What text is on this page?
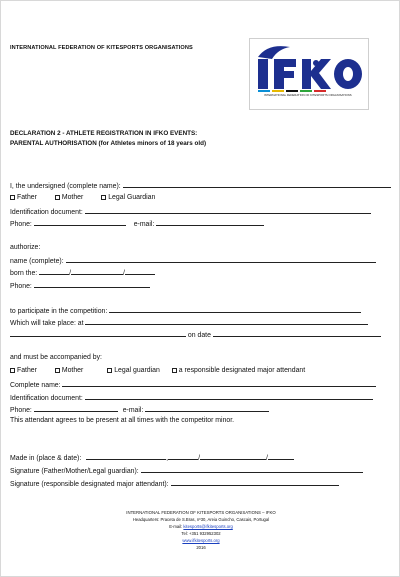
INTERNATIONAL FEDERATION OF KITESPORTS ORGANISATIONS
INTERNATIONAL FEDERATION OF KITESPORTS ORGANISATIONS
DECLARATION 2 - ATHLETE REGISTRATION IN IFKO EVENTS:
PARENTAL AUTHORISATION (for Athletes minors of 18 years old)
I, the undersigned (complete name):
Father	Mother	Legal Guardian
Identification document:
Phone:	e-mail:
authorize:
name (complete):
born the:	/	/
Phone:
to participate in the competition:
Which will take place: at
on date
and must be accompanied by:
Father	Mother	Legal guardian	a responsible designated major attendant
Complete name:
Identification document:
Phone:	e-mail:
This attendant agrees to be present at all times with the competitor minor.
Made in (place & date):	,	/	/
Signature (Father/Mother/Legal guardian):
Signature (responsible designated major attendant):
INTERNATIONAL FEDERATION OF KITESPORTS ORGANISATIONS – IFKO
Headquarters: Praceta de S.Bras, nº30, Areia Guincho, Cascais, Portugal
E-mail: kitesports@ifkitesports.org
Tel: +351 932952302
www.ifkitesports.org
2016
